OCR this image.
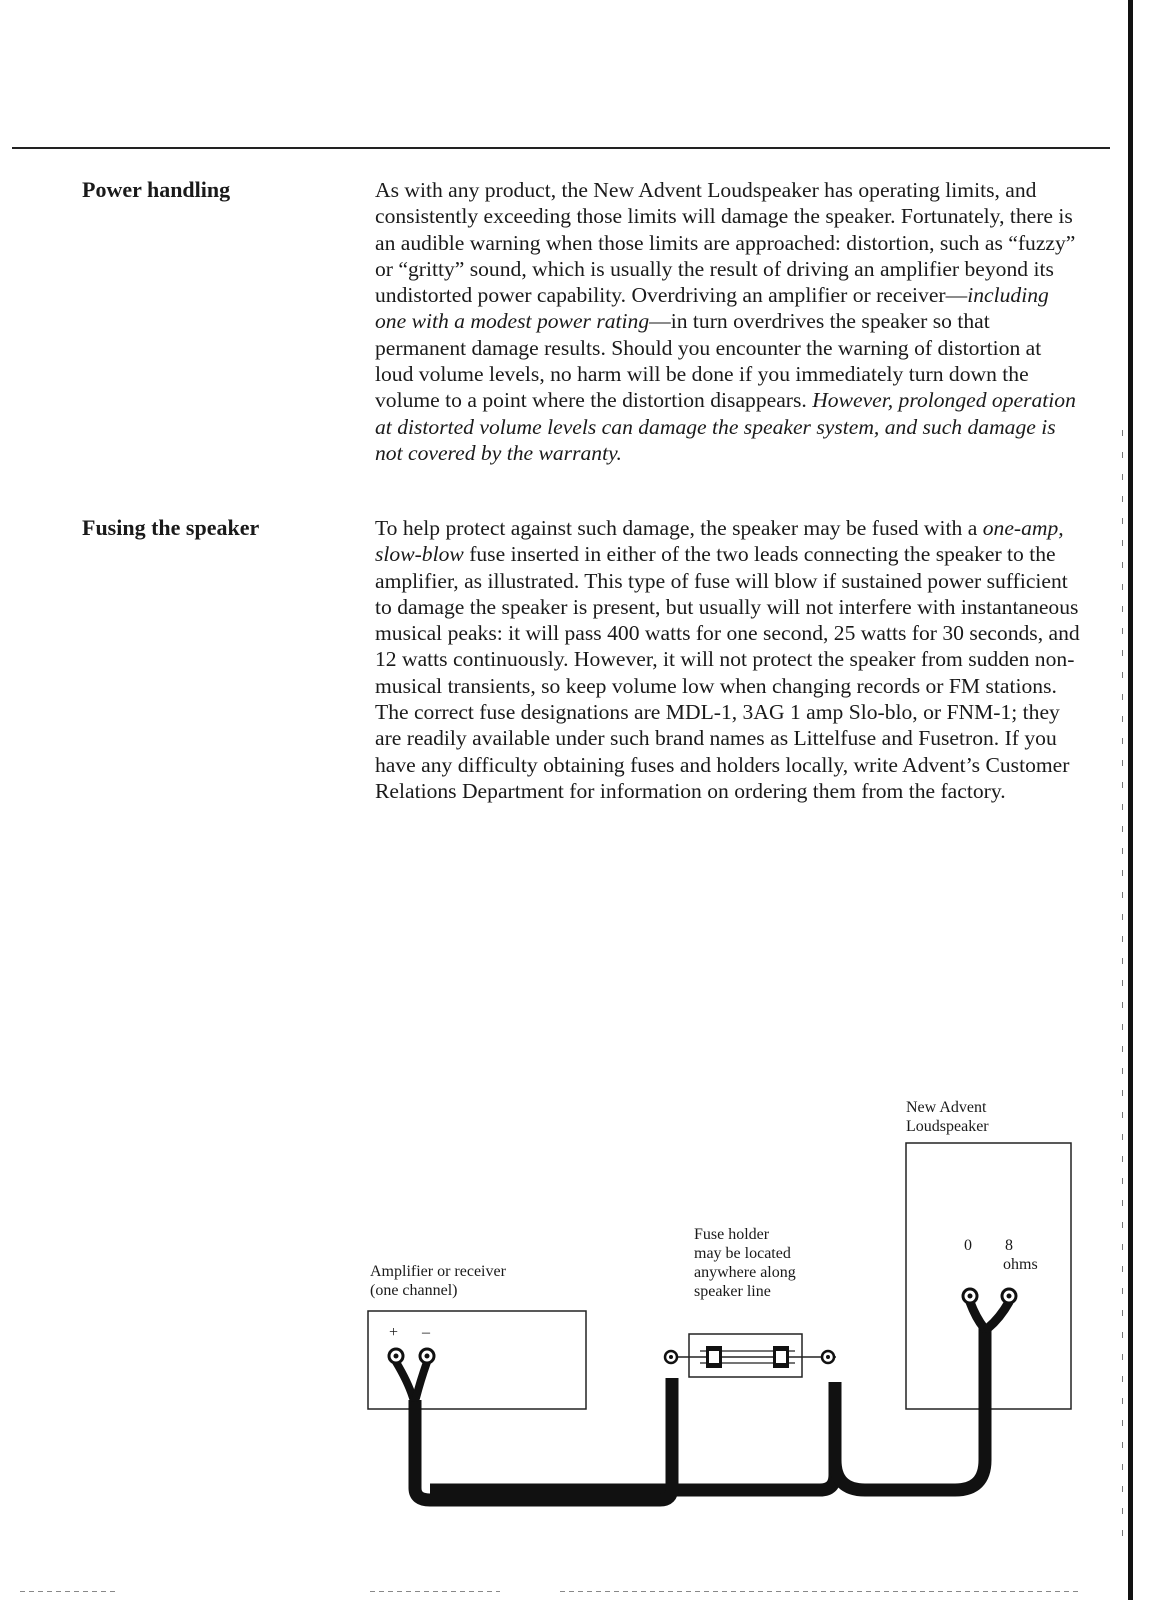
Power handling	As with any product, the New Advent Loudspeaker has operating limits, and consistently exceeding those limits will damage the speaker. Fortunately, there is an audible warning when those limits are approached: distortion, such as “fuzzy” or “gritty” sound, which is usually the result of driving an amplifier beyond its undistorted power capability. Overdriving an amplifier or receiver—including one with a modest power rating—in turn overdrives the speaker so that permanent damage results. Should you encounter the warning of distortion at loud volume levels, no harm will be done if you immediately turn down the volume to a point where the distortion disappears. However, prolonged operation at distorted volume levels can damage the speaker system, and such damage is not covered by the warranty.

Fusing the speaker	To help protect against such damage, the speaker may be fused with a one-amp, slow-blow fuse inserted in either of the two leads connecting the speaker to the amplifier, as illustrated. This type of fuse will blow if sustained power sufficient to damage the speaker is present, but usually will not interfere with instantaneous musical peaks: it will pass 400 watts for one second, 25 watts for 30 seconds, and 12 watts continuously. However, it will not protect the speaker from sudden non-musical transients, so keep volume low when changing records or FM stations. The correct fuse designations are MDL-1, 3AG 1 amp Slo-blo, or FNM-1; they are readily available under such brand names as Littelfuse and Fusetron. If you have any difficulty obtaining fuses and holders locally, write Advent’s Customer Relations Department for information on ordering them from the factory.

New Advent
Loudspeaker

Fuse holder
may be located
anywhere along
speaker line

Amplifier or receiver
(one channel)

+ –

0 8

ohms
